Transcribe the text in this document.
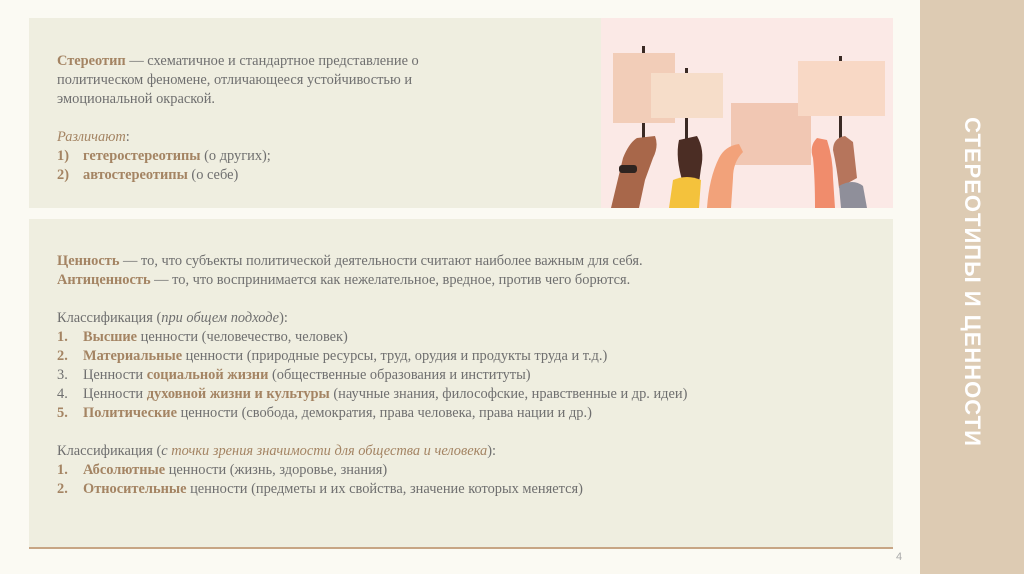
Стереотип — схематичное и стандартное представление о

политическом феномене, отличающееся устойчивостью и

эмоциональной окраской.

Различают:

1) гетеростереотипы (о других);

2) автостереотипы (о себе)

Ценность — то, что субъекты политической деятельности считают наиболее важным для себя.

Антиценность — то, что воспринимается как нежелательное, вредное, против чего борются.

Классификация (при общем подходе):

1. Высшие ценности (человечество, человек)

2. Материальные ценности (природные ресурсы, труд, орудия и продукты труда и т.д.)

3. Ценности социальной жизни (общественные образования и институты)

4. Ценности духовной жизни и культуры (научные знания, философские, нравственные и др. идеи)

5. Политические ценности (свобода, демократия, права человека, права нации и др.)

Классификация (с точки зрения значимости для общества и человека):

1. Абсолютные ценности (жизнь, здоровье, знания)

2. Относительные ценности (предметы и их свойства, значение которых меняется)

4
СТЕРЕОТИПЫ И ЦЕННОСТИ
